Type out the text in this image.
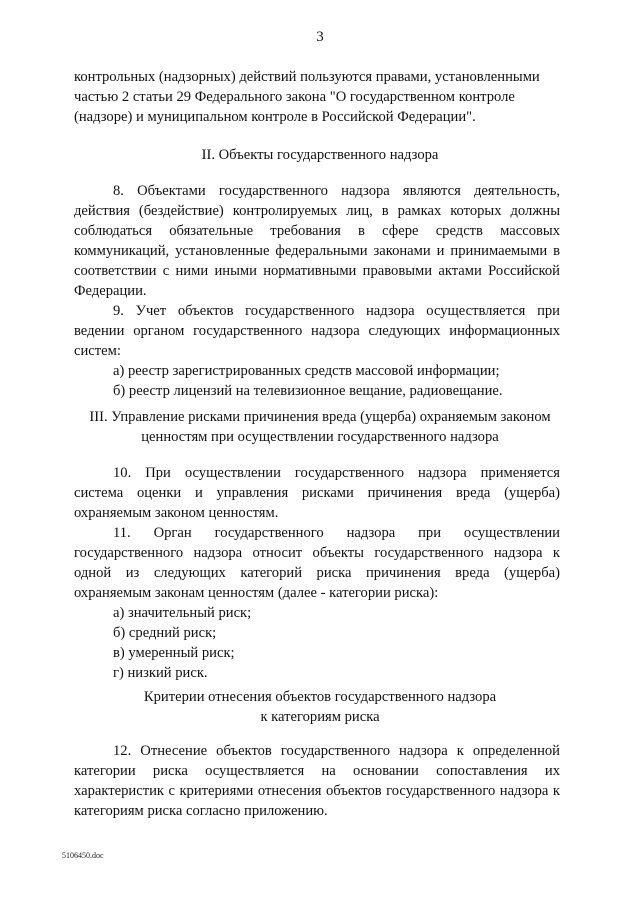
3

контрольных (надзорных) действий пользуются правами, установленными

частью 2 статьи 29 Федерального закона "О государственном контроле

(надзоре) и муниципальном контроле в Российской Федерации".

II. Объекты государственного надзора

8. Объектами государственного надзора являются деятельность, действия (бездействие) контролируемых лиц, в рамках которых должны соблюдаться обязательные требования в сфере средств массовых коммуникаций, установленные федеральными законами и принимаемыми в соответствии с ними иными нормативными правовыми актами Российской Федерации.

9. Учет объектов государственного надзора осуществляется при ведении органом государственного надзора следующих информационных систем:

а) реестр зарегистрированных средств массовой информации;

б) реестр лицензий на телевизионное вещание, радиовещание.

III. Управление рисками причинения вреда (ущерба) охраняемым законом
ценностям при осуществлении государственного надзора

10. При осуществлении государственного надзора применяется система оценки и управления рисками причинения вреда (ущерба) охраняемым законом ценностям.

11. Орган государственного надзора при осуществлении государственного надзора относит объекты государственного надзора к одной из следующих категорий риска причинения вреда (ущерба) охраняемым законам ценностям (далее - категории риска):

а) значительный риск;

б) средний риск;

в) умеренный риск;

г) низкий риск.

Критерии отнесения объектов государственного надзора
к категориям риска

12. Отнесение объектов государственного надзора к определенной категории риска осуществляется на основании сопоставления их характеристик с критериями отнесения объектов государственного надзора к категориям риска согласно приложению.

5106450.doc
